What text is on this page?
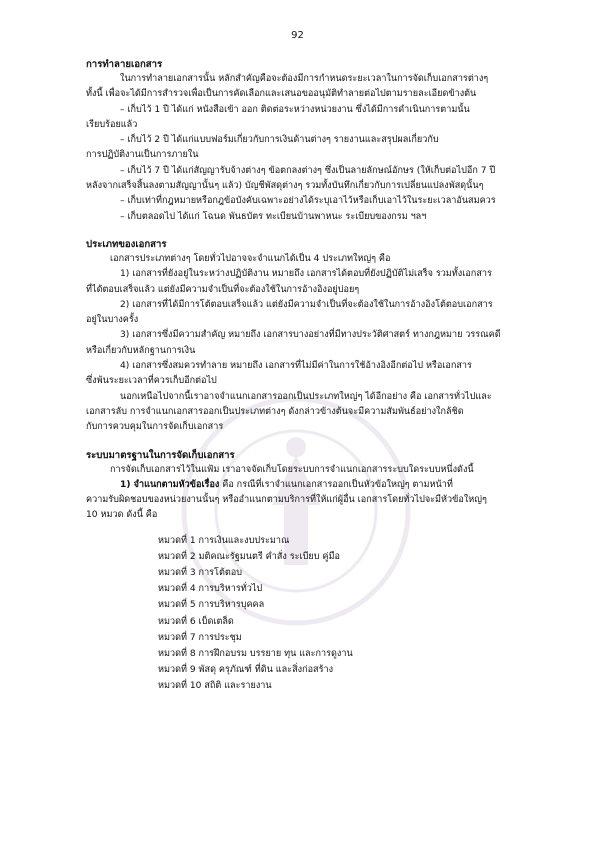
92
การทำลายเอกสาร
ในการทำลายเอกสารนั้น หลักสำคัญคือจะต้องมีการกำหนดระยะเวลาในการจัดเก็บเอกสารต่างๆ
ทั้งนี้ เพื่อจะได้มีการสำรวจเพื่อเป็นการคัดเลือกและเสนอขออนุมัติทำลายต่อไปตามรายละเอียดข้างต้น
– เก็บไว้ 1 ปี ได้แก่ หนังสือเข้า ออก ติดต่อระหว่างหน่วยงาน ซึ่งได้มีการดำเนินการตามนั้น
เรียบร้อยแล้ว
– เก็บไว้ 2 ปี ได้แก่แบบฟอร์มเกี่ยวกับการเงินด้านต่างๆ รายงานและสรุปผลเกี่ยวกับ
การปฏิบัติงานเป็นการภายใน
– เก็บไว้ 7 ปี ได้แก่สัญญารับจ้างต่างๆ ข้อตกลงต่างๆ ซึ่งเป็นลายลักษณ์อักษร (ให้เก็บต่อไปอีก 7 ปี
หลังจากเสร็จสิ้นลงตามสัญญานั้นๆ แล้ว) บัญชีพัสดุต่างๆ รวมทั้งบันทึกเกี่ยวกับการเปลี่ยนแปลงพัสดุนั้นๆ
– เก็บเท่าที่กฎหมายหรือกฎข้อบังคับเฉพาะอย่างได้ระบุเอาไว้หรือเก็บเอาไว้ในระยะเวลาอันสมควร
– เก็บตลอดไป ได้แก่ โฉนด พันธบัตร ทะเบียนบ้านพาหนะ ระเบียบของกรม ฯลฯ
ประเภทของเอกสาร
เอกสารประเภทต่างๆ โดยทั่วไปอาจจะจำแนกได้เป็น 4 ประเภทใหญ่ๆ คือ
1) เอกสารที่ยังอยู่ในระหว่างปฏิบัติงาน หมายถึง เอกสารได้ตอบที่ยังปฏิบัติไม่เสร็จ รวมทั้งเอกสาร
ที่ได้ตอบเสร็จแล้ว แต่ยังมีความจำเป็นที่จะต้องใช้ในการอ้างอิงอยู่บ่อยๆ
2) เอกสารที่ได้มีการโต้ตอบเสร็จแล้ว แต่ยังมีความจำเป็นที่จะต้องใช้ในการอ้างอิงโต้ตอบเอกสาร
อยู่ในบางครั้ง
3) เอกสารซึ่งมีความสำคัญ หมายถึง เอกสารบางอย่างที่มีทางประวัติศาสตร์ ทางกฎหมาย วรรณคดี
หรือเกี่ยวกับหลักฐานการเงิน
4) เอกสารซึ่งสมควรทำลาย หมายถึง เอกสารที่ไม่มีค่าในการใช้อ้างอิงอีกต่อไป หรือเอกสาร
ซึ่งพ้นระยะเวลาที่ควรเก็บอีกต่อไป
นอกเหนือไปจากนี้เราอาจจำแนกเอกสารออกเป็นประเภทใหญ่ๆ ได้อีกอย่าง คือ เอกสารทั่วไปและ
เอกสารลับ การจำแนกเอกสารออกเป็นประเภทต่างๆ ดังกล่าวข้างต้นจะมีความสัมพันธ์อย่างใกล้ชิด
กับการควบคุมในการจัดเก็บเอกสาร
ระบบมาตรฐานในการจัดเก็บเอกสาร
การจัดเก็บเอกสารไว้ในแฟ้ม เราอาจจัดเก็บโดยระบบการจำแนกเอกสารระบบใดระบบหนึ่งดังนี้
1) จำแนกตามหัวข้อเรื่อง คือ กรณีที่เราจำแนกเอกสารออกเป็นหัวข้อใหญ่ๆ ตามหน้าที่
ความรับผิดชอบของหน่วยงานนั้นๆ หรืออำแนกตามบริการที่ให้แก่ผู้อื่น เอกสารโดยทั่วไปจะมีหัวข้อใหญ่ๆ
10 หมวด ดังนี้ คือ
หมวดที่ 1 การเงินและงบประมาณ
หมวดที่ 2 มติคณะรัฐมนตรี คำสั่ง ระเบียบ คู่มือ
หมวดที่ 3 การโต้ตอบ
หมวดที่ 4 การบริหารทั่วไป
หมวดที่ 5 การบริหารบุคคล
หมวดที่ 6 เบ็ดเตล็ด
หมวดที่ 7 การประชุม
หมวดที่ 8 การฝึกอบรม บรรยาย ทุน และการดูงาน
หมวดที่ 9 พัสดุ ครุภัณฑ์ ที่ดิน และสิ่งก่อสร้าง
หมวดที่ 10 สถิติ และรายงาน
